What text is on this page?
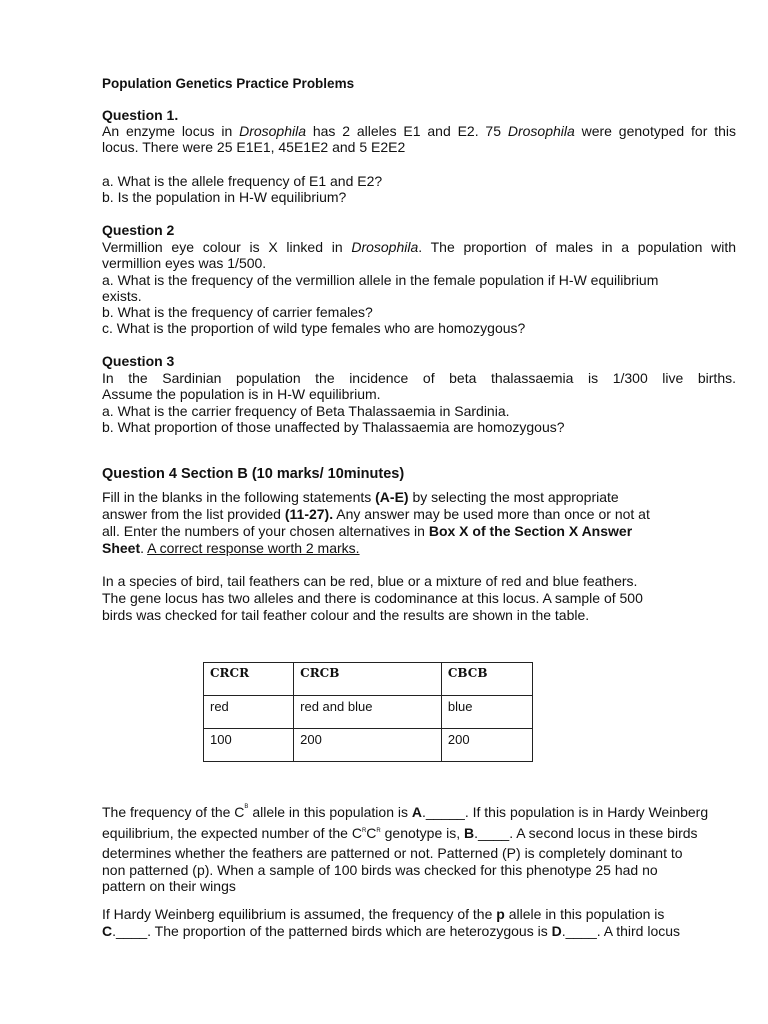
Population Genetics Practice Problems
Question 1.
An enzyme locus in Drosophila has 2 alleles E1 and E2. 75 Drosophila were genotyped for this
locus. There were 25 E1E1, 45E1E2 and 5 E2E2
a. What is the allele frequency of E1 and E2?
b. Is the population in H-W equilibrium?
Question 2
Vermillion eye colour is X linked in Drosophila. The proportion of males in a population with
vermillion eyes was 1/500.
a. What is the frequency of the vermillion allele in the female population if H-W equilibrium
exists.
b. What is the frequency of carrier females?
c. What is the proportion of wild type females who are homozygous?
Question 3
In the Sardinian population the incidence of beta thalassaemia is 1/300 live births.
Assume the population is in H-W equilibrium.
a. What is the carrier frequency of Beta Thalassaemia in Sardinia.
b. What proportion of those unaffected by Thalassaemia are homozygous?
Question 4 Section B (10 marks/ 10minutes)
Fill in the blanks in the following statements (A-E) by selecting the most appropriate
answer from the list provided (11-27). Any answer may be used more than once or not at
all. Enter the numbers of your chosen alternatives in Box X of the Section X Answer
Sheet. A correct response worth 2 marks.
In a species of bird, tail feathers can be red, blue or a mixture of red and blue feathers.
The gene locus has two alleles and there is codominance at this locus. A sample of 500
birds was checked for tail feather colour and the results are shown in the table.
CRCR	CRCB	CBCB
red	red and blue	blue
100	200	200
The frequency of the $C^B$ allele in this population is A._____. If this population is in Hardy Weinberg
equilibrium, the expected number of the $C^RC^R$ genotype is, B.____. A second locus in these birds
determines whether the feathers are patterned or not. Patterned (P) is completely dominant to
non patterned (p). When a sample of 100 birds was checked for this phenotype 25 had no
pattern on their wings
If Hardy Weinberg equilibrium is assumed, the frequency of the p allele in this population is
C.____. The proportion of the patterned birds which are heterozygous is D.____. A third locus
